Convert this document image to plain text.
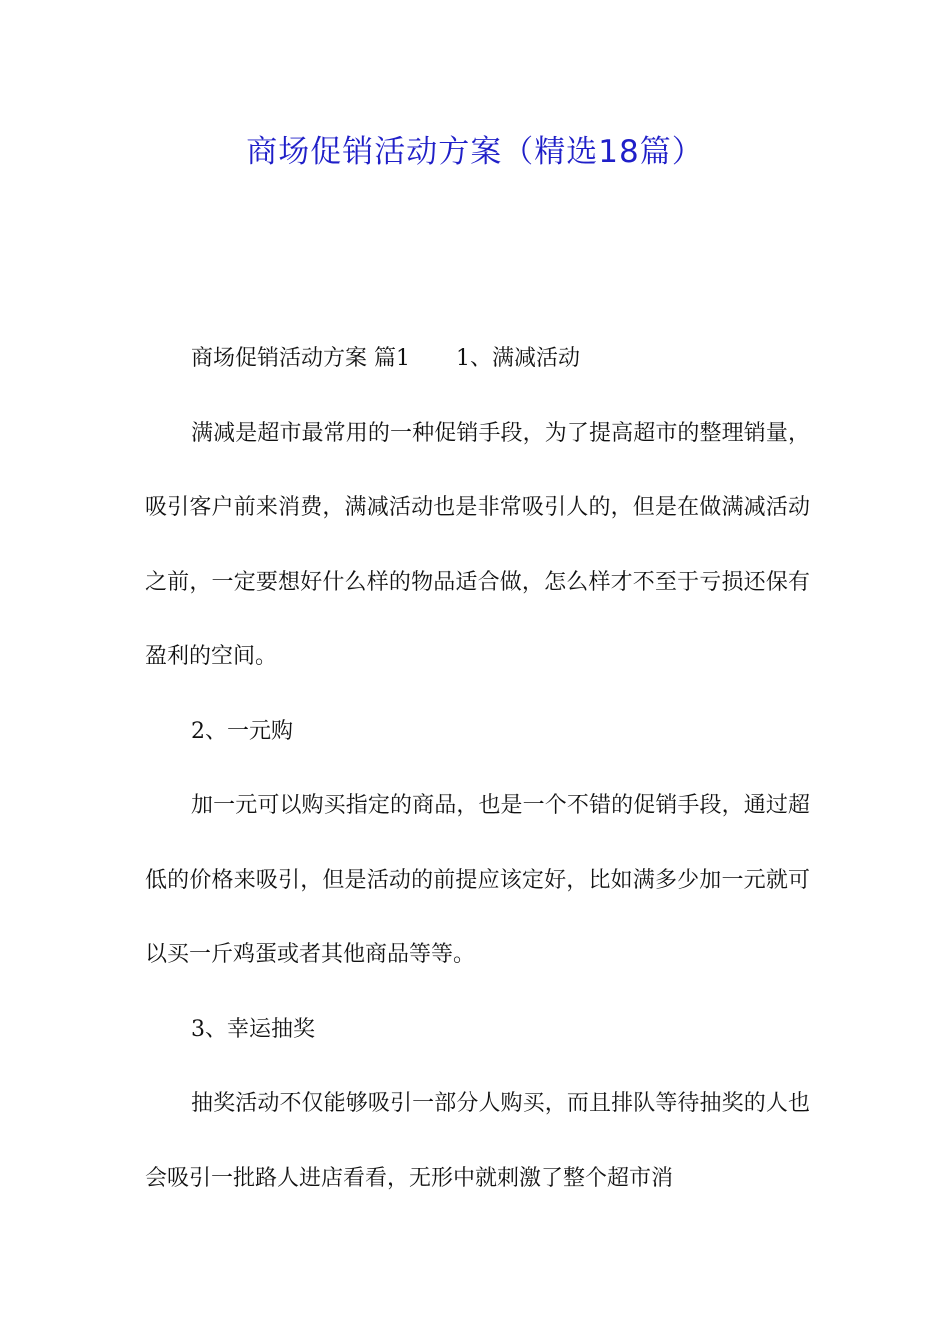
商场促销活动方案（精选18篇）

商场促销活动方案 篇1 1、满减活动

满减是超市最常用的一种促销手段，为了提高超市的整理销量，吸引客户前来消费，满减活动也是非常吸引人的，但是在做满减活动之前，一定要想好什么样的物品适合做，怎么样才不至于亏损还保有盈利的空间。

2、一元购

加一元可以购买指定的商品，也是一个不错的促销手段，通过超低的价格来吸引，但是活动的前提应该定好，比如满多少加一元就可以买一斤鸡蛋或者其他商品等等。

3、幸运抽奖

抽奖活动不仅能够吸引一部分人购买，而且排队等待抽奖的人也会吸引一批路人进店看看，无形中就刺激了整个超市消
